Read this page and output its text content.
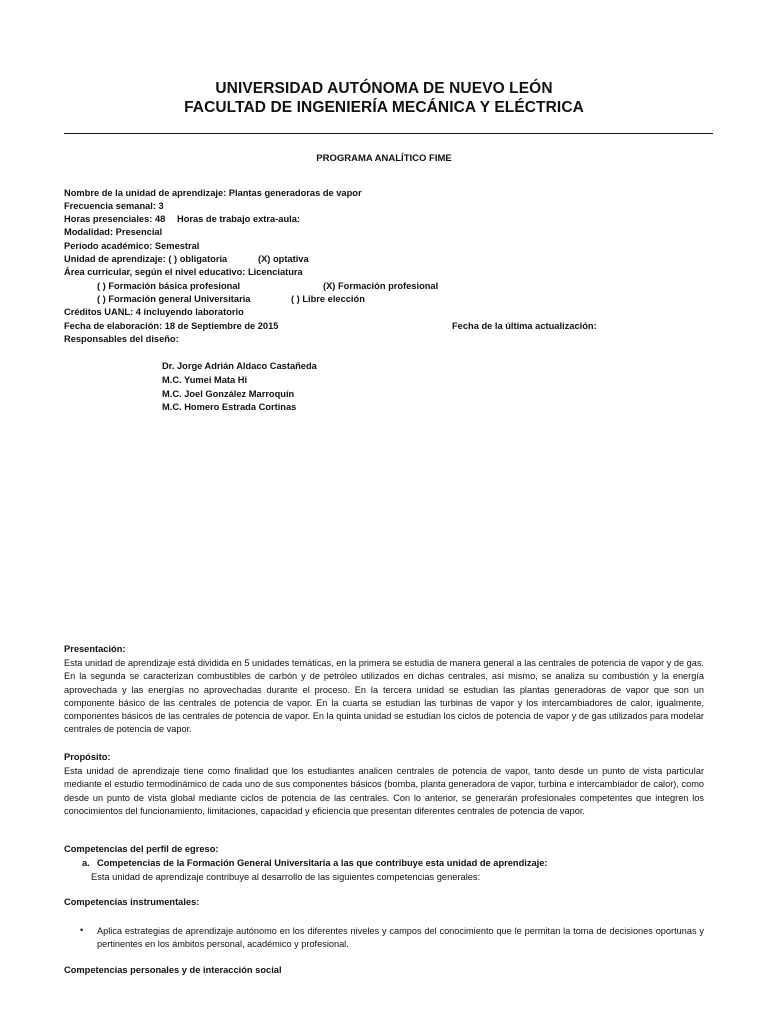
UNIVERSIDAD AUTÓNOMA DE NUEVO LEÓN
FACULTAD DE INGENIERÍA MECÁNICA Y ELÉCTRICA
PROGRAMA ANALÍTICO FIME
Nombre de la unidad de aprendizaje: Plantas generadoras de vapor
Frecuencia semanal: 3
Horas presenciales: 48 Horas de trabajo extra-aula:
Modalidad: Presencial
Período académico: Semestral
Unidad de aprendizaje: ( ) obligatoria	(X) optativa
Área curricular, según el nivel educativo: Licenciatura
( ) Formación básica profesional	(X) Formación profesional
( ) Formación general Universitaria	( ) Libre elección
Créditos UANL: 4 incluyendo laboratorio
Fecha de elaboración: 18 de Septiembre de 2015	Fecha de la última actualización:
Responsables del diseño:
Dr. Jorge Adrián Aldaco Castañeda
M.C. Yumei Mata Hi
M.C. Joel González Marroquín
M.C. Homero Estrada Cortinas
Presentación:

Esta unidad de aprendizaje está dividida en 5 unidades temáticas, en la primera se estudia de manera general a las centrales de potencia de vapor y de gas. En la segunda se caracterizan combustibles de carbón y de petróleo utilizados en dichas centrales, así mismo, se analiza su combustión y la energía aprovechada y las energías no aprovechadas durante el proceso. En la tercera unidad se estudian las plantas generadoras de vapor que son un componente básico de las centrales de potencia de vapor. En la cuarta se estudian las turbinas de vapor y los intercambiadores de calor, igualmente, componentes básicos de las centrales de potencia de vapor. En la quinta unidad se estudian los ciclos de potencia de vapor y de gas utilizados para modelar centrales de potencia de vapor.

Propósito:

Esta unidad de aprendizaje tiene como finalidad que los estudiantes analicen centrales de potencia de vapor, tanto desde un punto de vista particular mediante el estudio termodinámico de cada uno de sus componentes básicos (bomba, planta generadora de vapor, turbina e intercambiador de calor), como desde un punto de vista global mediante ciclos de potencia de las centrales. Con lo anterior, se generarán profesionales competentes que integren los conocimientos del funcionamiento, limitaciones, capacidad y eficiencia que presentan diferentes centrales de potencia de vapor.

Competencias del perfil de egreso:
a. Competencias de la Formación General Universitaria a las que contribuye esta unidad de aprendizaje:
Esta unidad de aprendizaje contribuye al desarrollo de las siguientes competencias generales:
Competencias instrumentales:
• Aplica estrategias de aprendizaje autónomo en los diferentes niveles y campos del conocimiento que le permitan la toma de decisiones oportunas y pertinentes en los ámbitos personal, académico y profesional.
Competencias personales y de interacción social
